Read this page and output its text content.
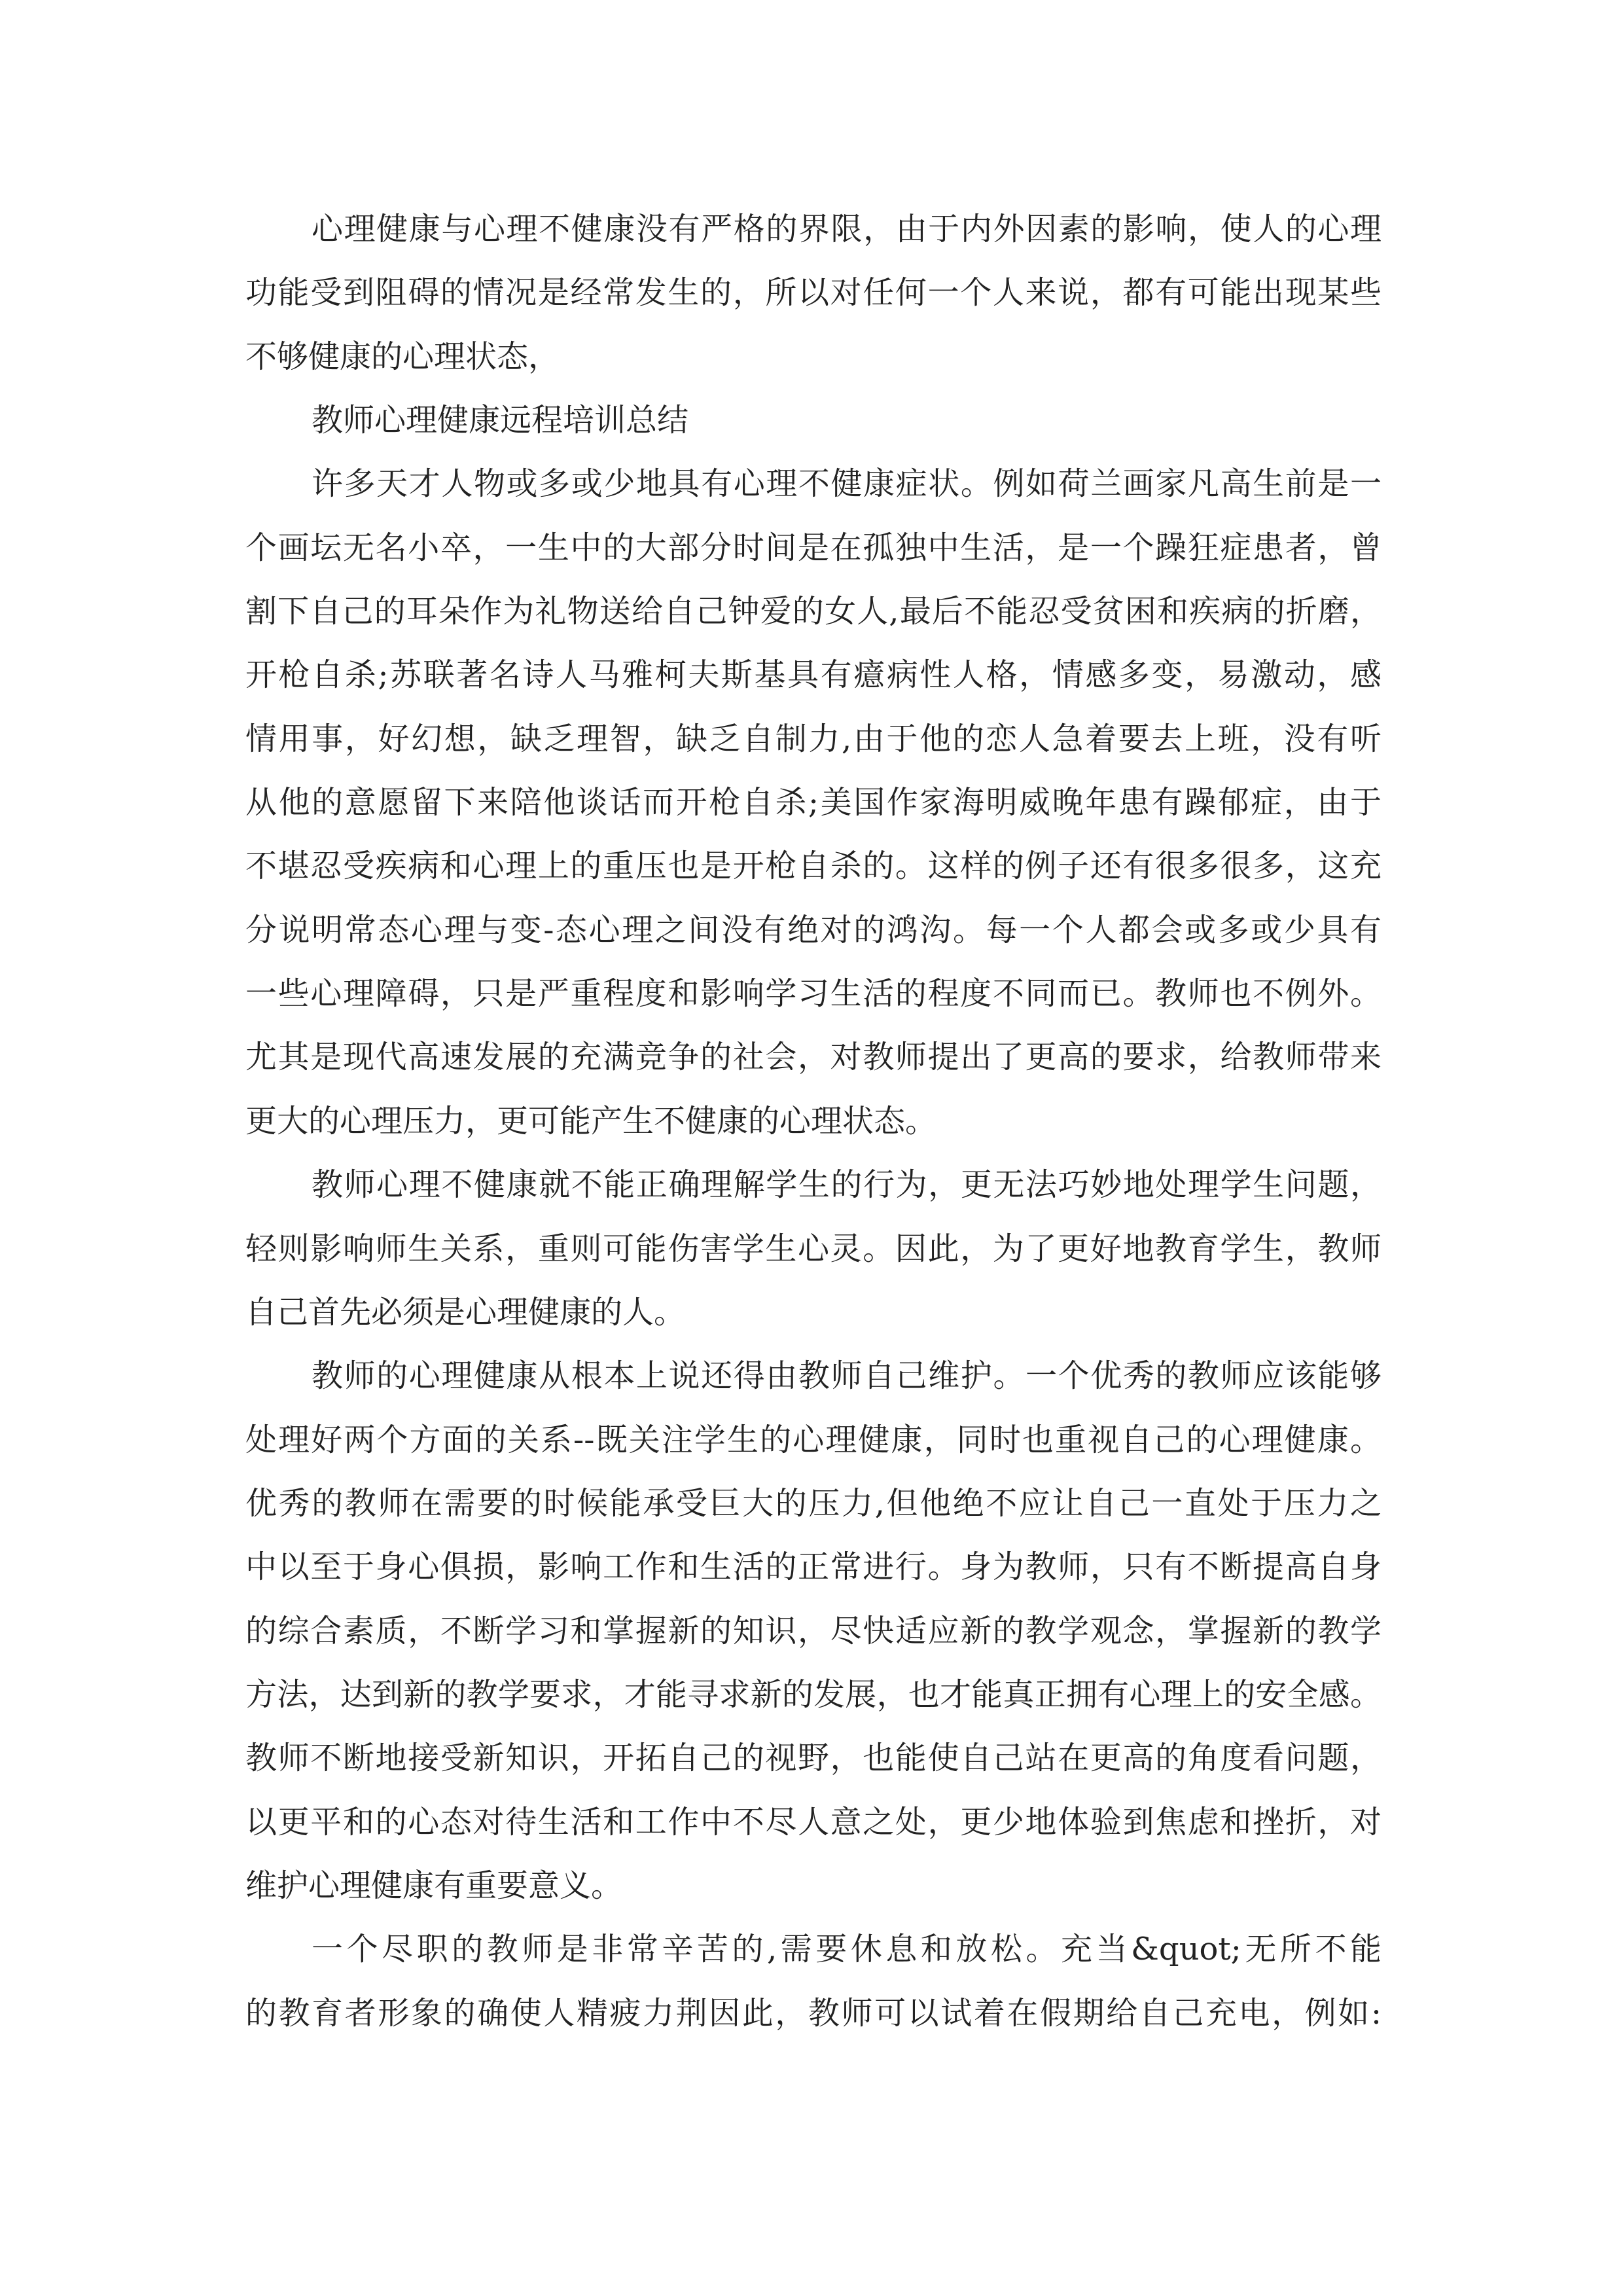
心理健康与心理不健康没有严格的界限，由于内外因素的影响，使人的心理
功能受到阻碍的情况是经常发生的，所以对任何一个人来说，都有可能出现某些
不够健康的心理状态，
教师心理健康远程培训总结
许多天才人物或多或少地具有心理不健康症状。例如荷兰画家凡高生前是一
个画坛无名小卒，一生中的大部分时间是在孤独中生活，是一个躁狂症患者，曾
割下自己的耳朵作为礼物送给自己钟爱的女人,最后不能忍受贫困和疾病的折磨，
开枪自杀;苏联著名诗人马雅柯夫斯基具有癔病性人格，情感多变，易激动，感
情用事，好幻想，缺乏理智，缺乏自制力,由于他的恋人急着要去上班，没有听
从他的意愿留下来陪他谈话而开枪自杀;美国作家海明威晚年患有躁郁症，由于
不堪忍受疾病和心理上的重压也是开枪自杀的。这样的例子还有很多很多，这充
分说明常态心理与变-态心理之间没有绝对的鸿沟。每一个人都会或多或少具有
一些心理障碍，只是严重程度和影响学习生活的程度不同而已。教师也不例外。
尤其是现代高速发展的充满竞争的社会，对教师提出了更高的要求，给教师带来
更大的心理压力，更可能产生不健康的心理状态。
教师心理不健康就不能正确理解学生的行为，更无法巧妙地处理学生问题，
轻则影响师生关系，重则可能伤害学生心灵。因此，为了更好地教育学生，教师
自己首先必须是心理健康的人。
教师的心理健康从根本上说还得由教师自己维护。一个优秀的教师应该能够
处理好两个方面的关系--既关注学生的心理健康，同时也重视自己的心理健康。
优秀的教师在需要的时候能承受巨大的压力,但他绝不应让自己一直处于压力之
中以至于身心俱损，影响工作和生活的正常进行。身为教师，只有不断提高自身
的综合素质，不断学习和掌握新的知识，尽快适应新的教学观念，掌握新的教学
方法，达到新的教学要求，才能寻求新的发展，也才能真正拥有心理上的安全感。
教师不断地接受新知识，开拓自己的视野，也能使自己站在更高的角度看问题，
以更平和的心态对待生活和工作中不尽人意之处，更少地体验到焦虑和挫折，对
维护心理健康有重要意义。
一个尽职的教师是非常辛苦的,需要休息和放松。充当&quot;无所不能
的教育者形象的确使人精疲力荆因此，教师可以试着在假期给自己充电，例如:
